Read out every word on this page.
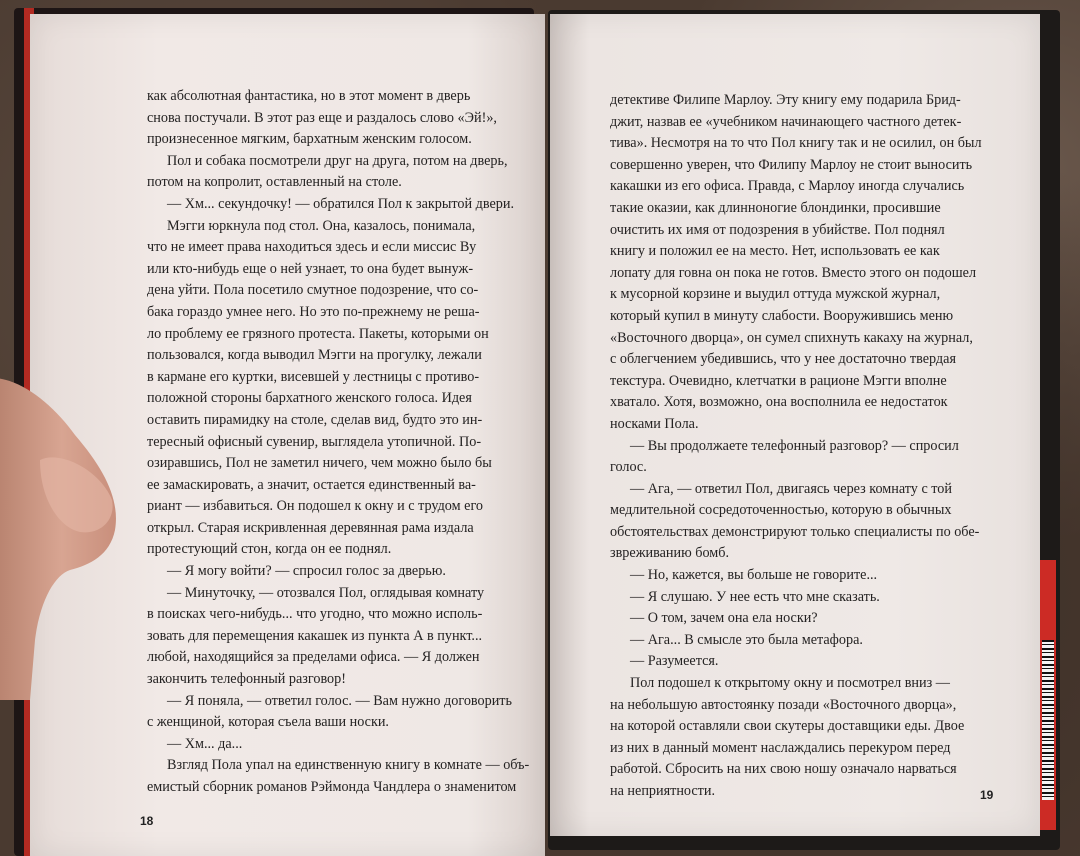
как абсолютная фантастика, но в этот момент в дверь

снова постучали. В этот раз еще и раздалось слово «Эй!»,

произнесенное мягким, бархатным женским голосом.

Пол и собака посмотрели друг на друга, потом на дверь,

потом на копролит, оставленный на столе.

— Хм... секундочку! — обратился Пол к закрытой двери.

Мэгги юркнула под стол. Она, казалось, понимала,

что не имеет права находиться здесь и если миссис Ву

или кто-нибудь еще о ней узнает, то она будет вынуж-

дена уйти. Пола посетило смутное подозрение, что со-

бака гораздо умнее него. Но это по-прежнему не реша-

ло проблему ее грязного протеста. Пакеты, которыми он

пользовался, когда выводил Мэгги на прогулку, лежали

в кармане его куртки, висевшей у лестницы с противо-

положной стороны бархатного женского голоса. Идея

оставить пирамидку на столе, сделав вид, будто это ин-

тересный офисный сувенир, выглядела утопичной. По-

озиравшись, Пол не заметил ничего, чем можно было бы

ее замаскировать, а значит, остается единственный ва-

риант — избавиться. Он подошел к окну и с трудом его

открыл. Старая искривленная деревянная рама издала

протестующий стон, когда он ее поднял.

— Я могу войти? — спросил голос за дверью.

— Минуточку, — отозвался Пол, оглядывая комнату

в поисках чего-нибудь... что угодно, что можно исполь-

зовать для перемещения какашек из пункта А в пункт...

любой, находящийся за пределами офиса. — Я должен

закончить телефонный разговор!

— Я поняла, — ответил голос. — Вам нужно договорить

с женщиной, которая съела ваши носки.

— Хм... да...

Взгляд Пола упал на единственную книгу в комнате — объ-

емистый сборник романов Рэймонда Чандлера о знаменитом

18

детективе Филипе Марлоу. Эту книгу ему подарила Брид-

джит, назвав ее «учебником начинающего частного детек-

тива». Несмотря на то что Пол книгу так и не осилил, он был

совершенно уверен, что Филипу Марлоу не стоит выносить

какашки из его офиса. Правда, с Марлоу иногда случались

такие оказии, как длинноногие блондинки, просившие

очистить их имя от подозрения в убийстве. Пол поднял

книгу и положил ее на место. Нет, использовать ее как

лопату для говна он пока не готов. Вместо этого он подошел

к мусорной корзине и выудил оттуда мужской журнал,

который купил в минуту слабости. Вооружившись меню

«Восточного дворца», он сумел спихнуть какаху на журнал,

с облегчением убедившись, что у нее достаточно твердая

текстура. Очевидно, клетчатки в рационе Мэгги вполне

хватало. Хотя, возможно, она восполнила ее недостаток

носками Пола.

— Вы продолжаете телефонный разговор? — спросил

голос.

— Ага, — ответил Пол, двигаясь через комнату с той

медлительной сосредоточенностью, которую в обычных

обстоятельствах демонстрируют только специалисты по обе-

звреживанию бомб.

— Но, кажется, вы больше не говорите...

— Я слушаю. У нее есть что мне сказать.

— О том, зачем она ела носки?

— Ага... В смысле это была метафора.

— Разумеется.

Пол подошел к открытому окну и посмотрел вниз —

на небольшую автостоянку позади «Восточного дворца»,

на которой оставляли свои скутеры доставщики еды. Двое

из них в данный момент наслаждались перекуром перед

работой. Сбросить на них свою ношу означало нарваться

на неприятности.	19
